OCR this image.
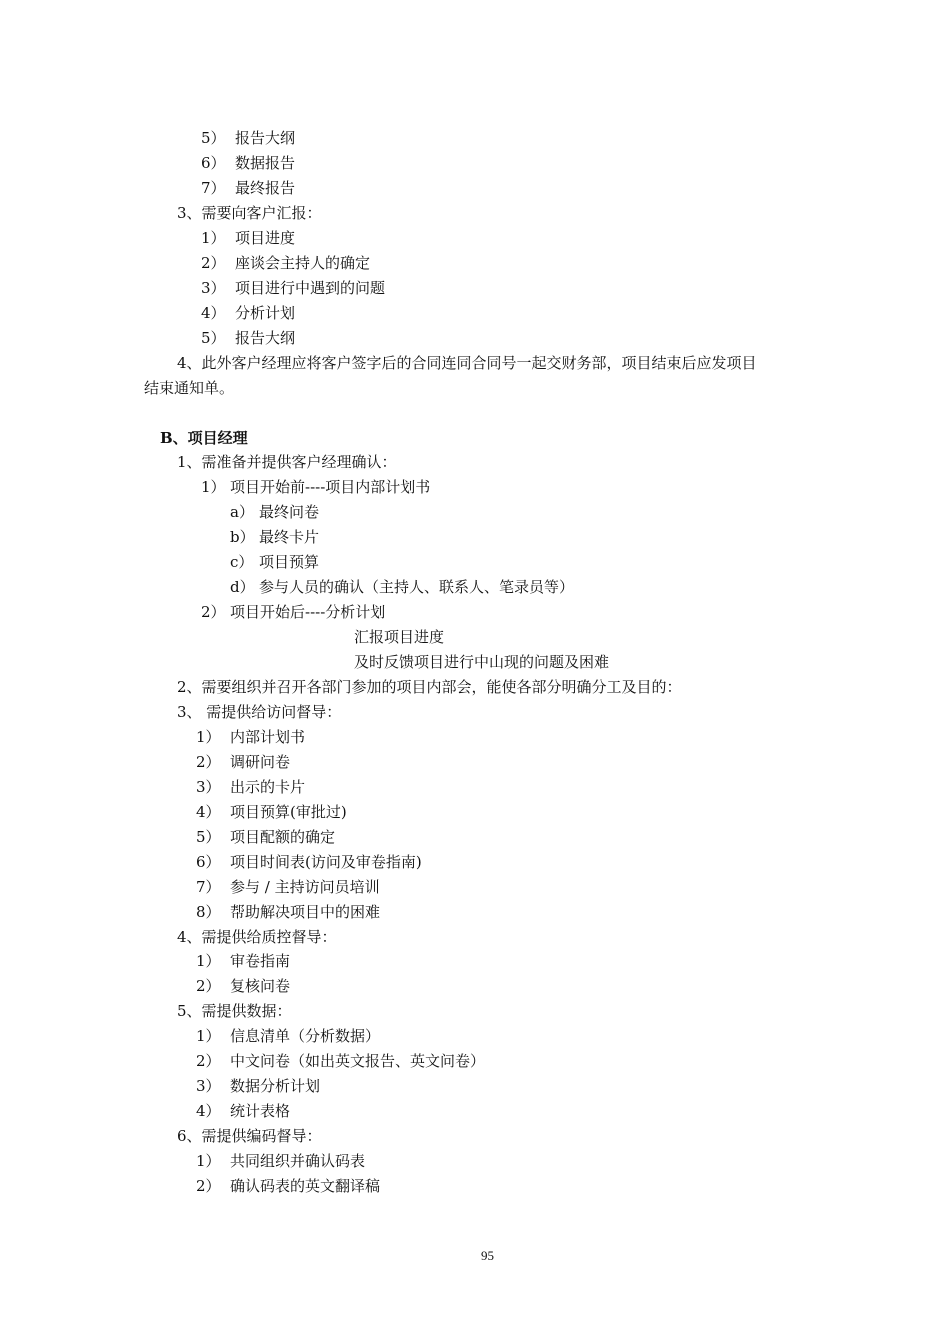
5） 报告大纲
6） 数据报告
7） 最终报告
3、需要向客户汇报：
1） 项目进度
2） 座谈会主持人的确定
3） 项目进行中遇到的问题
4） 分析计划
5） 报告大纲
4、此外客户经理应将客户签字后的合同连同合同号一起交财务部，项目结束后应发项目
结束通知单。
B、项目经理
1、需准备并提供客户经理确认：
1） 项目开始前----项目内部计划书
a） 最终问卷
b） 最终卡片
c） 项目预算
d） 参与人员的确认（主持人、联系人、笔录员等）
2） 项目开始后----分析计划
汇报项目进度
及时反馈项目进行中山现的问题及困难
2、需要组织并召开各部门参加的项目内部会，能使各部分明确分工及目的：
3、 需提供给访问督导：
1） 内部计划书
2） 调研问卷
3） 出示的卡片
4） 项目预算(审批过)
5） 项目配额的确定
6） 项目时间表(访问及审卷指南)
7） 参与 / 主持访问员培训
8） 帮助解决项目中的困难
4、需提供给质控督导：
1） 审卷指南
2） 复核问卷
5、需提供数据：
1） 信息清单（分析数据）
2） 中文问卷（如出英文报告、英文问卷）
3） 数据分析计划
4） 统计表格
6、需提供编码督导：
1） 共同组织并确认码表
2） 确认码表的英文翻译稿
95
